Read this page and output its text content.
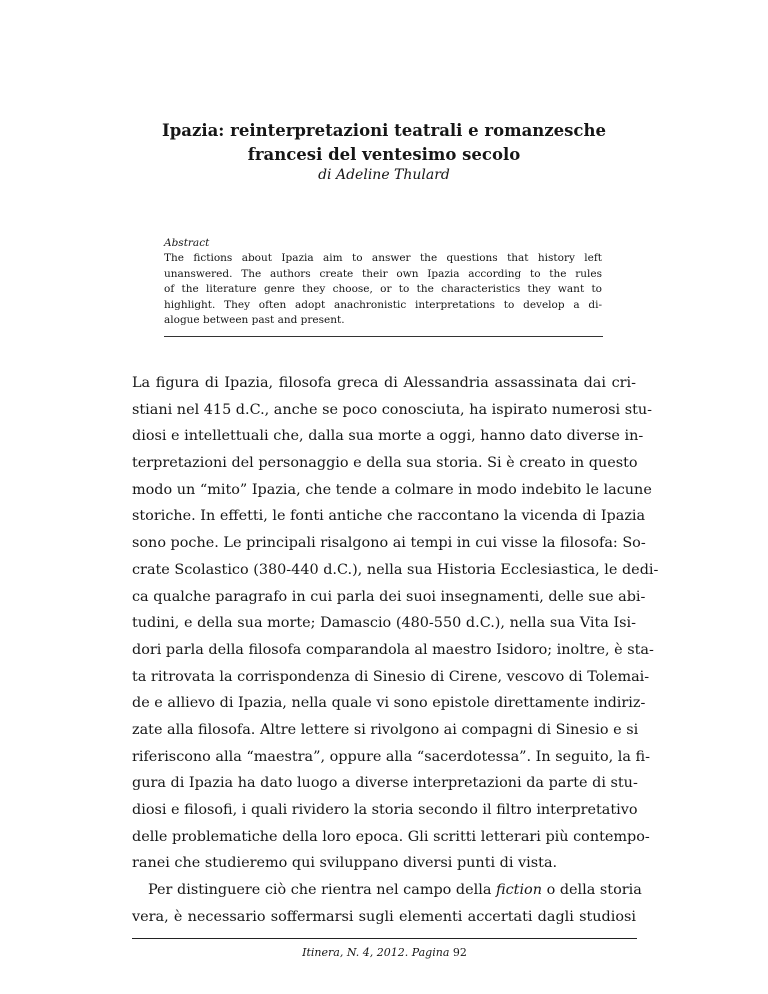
Ipazia: reinterpretazioni teatrali e romanzesche
francesi del ventesimo secolo

di Adeline Thulard

Abstract

The fictions about Ipazia aim to answer the questions that history left

unanswered. The authors create their own Ipazia according to the rules

of the literature genre they choose, or to the characteristics they want to

highlight. They often adopt anachronistic interpretations to develop a di-

alogue between past and present.

La figura di Ipazia, filosofa greca di Alessandria assassinata dai cri-

stiani nel 415 d.C., anche se poco conosciuta, ha ispirato numerosi stu-

diosi e intellettuali che, dalla sua morte a oggi, hanno dato diverse in-

terpretazioni del personaggio e della sua storia. Si è creato in questo

modo un “mito” Ipazia, che tende a colmare in modo indebito le lacune

storiche. In effetti, le fonti antiche che raccontano la vicenda di Ipazia

sono poche. Le principali risalgono ai tempi in cui visse la filosofa: So-

crate Scolastico (380-440 d.C.), nella sua Historia Ecclesiastica, le dedi-

ca qualche paragrafo in cui parla dei suoi insegnamenti, delle sue abi-

tudini, e della sua morte; Damascio (480-550 d.C.), nella sua Vita Isi-

dori parla della filosofa comparandola al maestro Isidoro; inoltre, è sta-

ta ritrovata la corrispondenza di Sinesio di Cirene, vescovo di Tolemai-

de e allievo di Ipazia, nella quale vi sono epistole direttamente indiriz-

zate alla filosofa. Altre lettere si rivolgono ai compagni di Sinesio e si

riferiscono alla “maestra”, oppure alla “sacerdotessa”. In seguito, la fi-

gura di Ipazia ha dato luogo a diverse interpretazioni da parte di stu-

diosi e filosofi, i quali rividero la storia secondo il filtro interpretativo

delle problematiche della loro epoca. Gli scritti letterari più contempo-

ranei che studieremo qui sviluppano diversi punti di vista.

Per distinguere ciò che rientra nel campo della fiction o della storia

vera, è necessario soffermarsi sugli elementi accertati dagli studiosi

Itinera, N. 4, 2012. Pagina 92
